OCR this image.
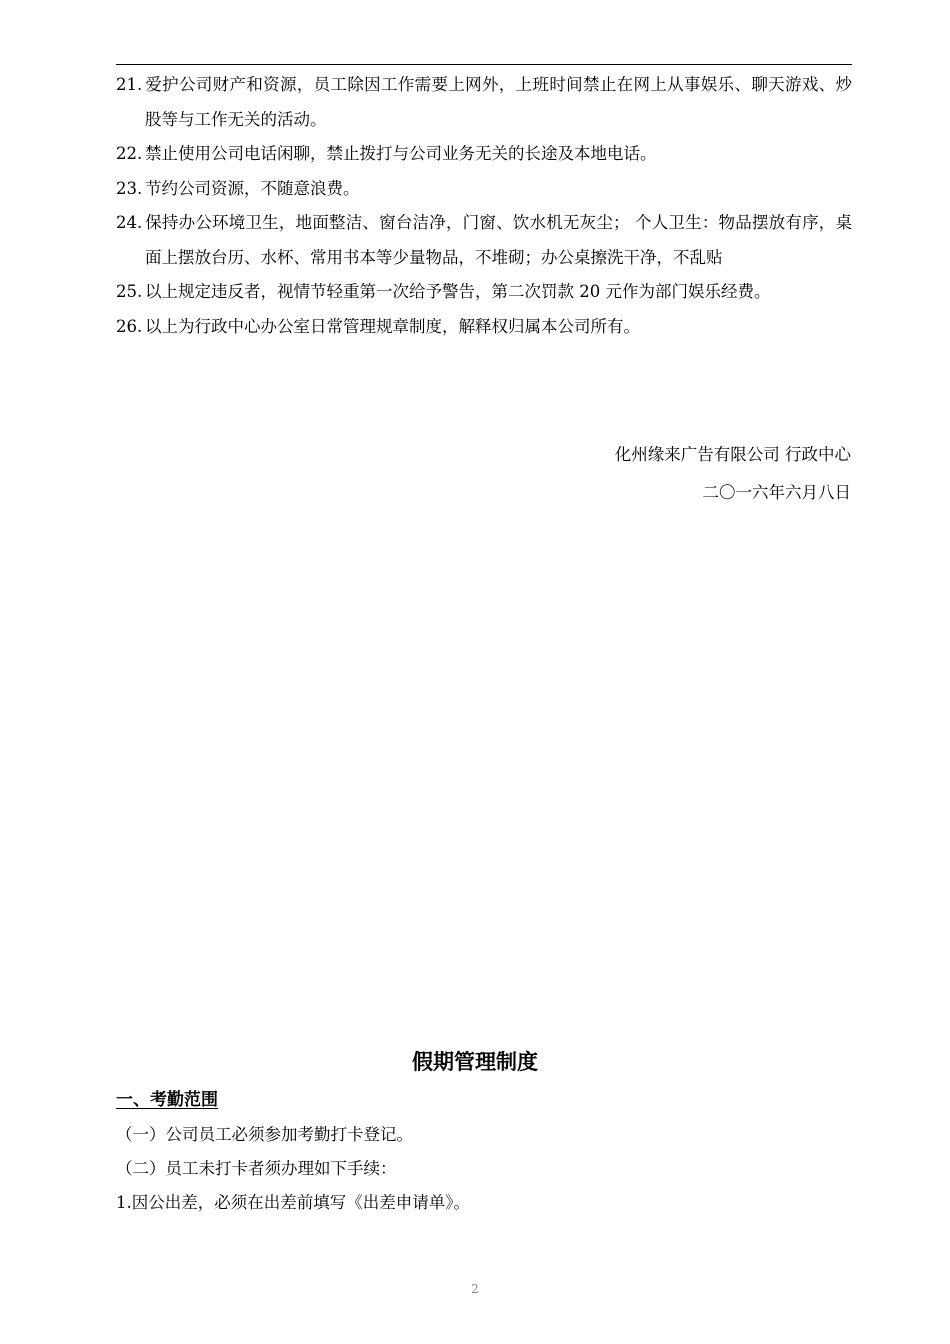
21. 爱护公司财产和资源，员工除因工作需要上网外，上班时间禁止在网上从事娱乐、聊天游戏、炒股等与工作无关的活动。

22. 禁止使用公司电话闲聊，禁止拨打与公司业务无关的长途及本地电话。

23. 节约公司资源，不随意浪费。

24. 保持办公环境卫生，地面整洁、窗台洁净，门窗、饮水机无灰尘； 个人卫生：物品摆放有序，桌面上摆放台历、水杯、常用书本等少量物品，不堆砌；办公桌擦洗干净，不乱贴

25. 以上规定违反者，视情节轻重第一次给予警告，第二次罚款 20 元作为部门娱乐经费。

26. 以上为行政中心办公室日常管理规章制度，解释权归属本公司所有。

化州缘来广告有限公司 行政中心
二〇一六年六月八日
假期管理制度
一、考勤范围

（一）公司员工必须参加考勤打卡登记。

（二）员工未打卡者须办理如下手续：

1.因公出差，必须在出差前填写《出差申请单》。

2
